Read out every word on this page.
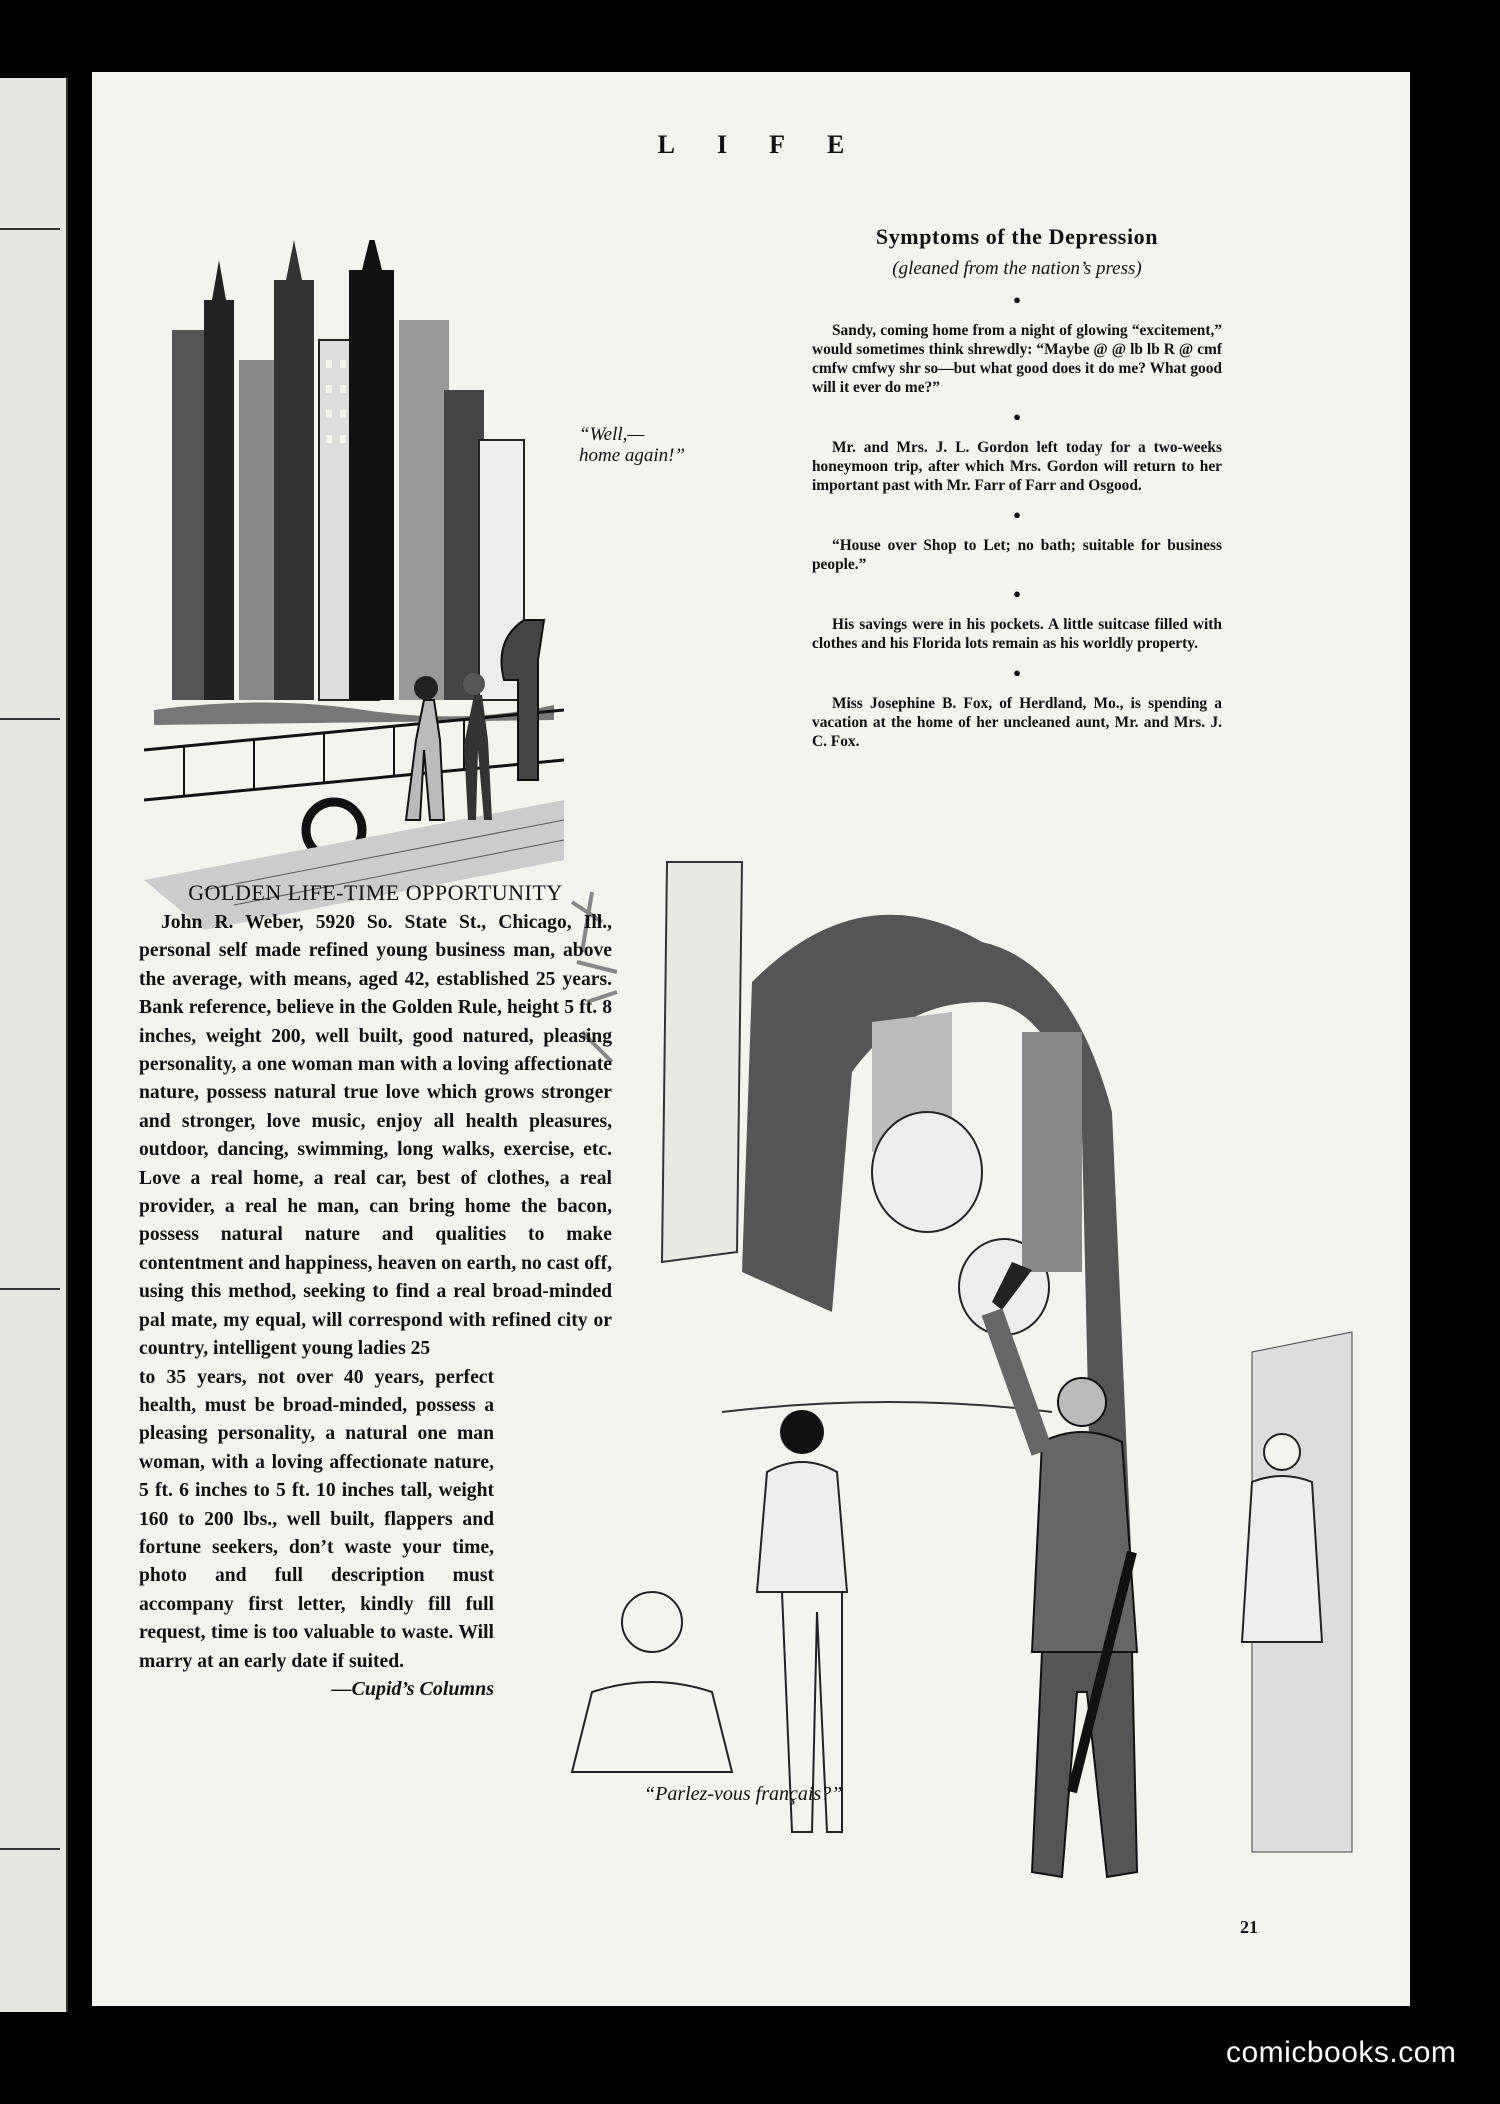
LIFE
“Well,—
home again!”
Symptoms of the Depression
(gleaned from the nation’s press)
●

Sandy, coming home from a night of glowing “excitement,” would sometimes think shrewdly: “Maybe @ @ lb lb R @ cmf cmfw cmfwy shr so—but what good does it do me? What good will it ever do me?”

●

Mr. and Mrs. J. L. Gordon left today for a two-weeks honeymoon trip, after which Mrs. Gordon will return to her important past with Mr. Farr of Farr and Osgood.

●

“House over Shop to Let; no bath; suitable for business people.”

●

His savings were in his pockets. A little suitcase filled with clothes and his Florida lots remain as his worldly property.

●

Miss Josephine B. Fox, of Herdland, Mo., is spending a vacation at the home of her uncleaned aunt, Mr. and Mrs. J. C. Fox.

“Parlez-vous français?”
GOLDEN LIFE-TIME OPPORTUNITY

John R. Weber, 5920 So. State St., Chicago, Ill., personal self made refined young business man, above the average, with means, aged 42, established 25 years. Bank reference, believe in the Golden Rule, height 5 ft. 8 inches, weight 200, well built, good natured, pleasing personality, a one woman man with a loving affectionate nature, possess natural true love which grows stronger and stronger, love music, enjoy all health pleasures, outdoor, dancing, swimming, long walks, exercise, etc. Love a real home, a real car, best of clothes, a real provider, a real he man, can bring home the bacon, possess natural nature and qualities to make contentment and happiness, heaven on earth, no cast off, using this method, seeking to find a real broad-minded pal mate, my equal, will correspond with refined city or country, intelligent young ladies 25

to 35 years, not over 40 years, perfect health, must be broad-minded, possess a pleasing personality, a natural one man woman, with a loving affectionate nature, 5 ft. 6 inches to 5 ft. 10 inches tall, weight 160 to 200 lbs., well built, flappers and fortune seekers, don’t waste your time, photo and full description must accompany first letter, kindly fill full request, time is too valuable to waste. Will marry at an early date if suited.

—Cupid’s Columns
21
comicbooks.com
